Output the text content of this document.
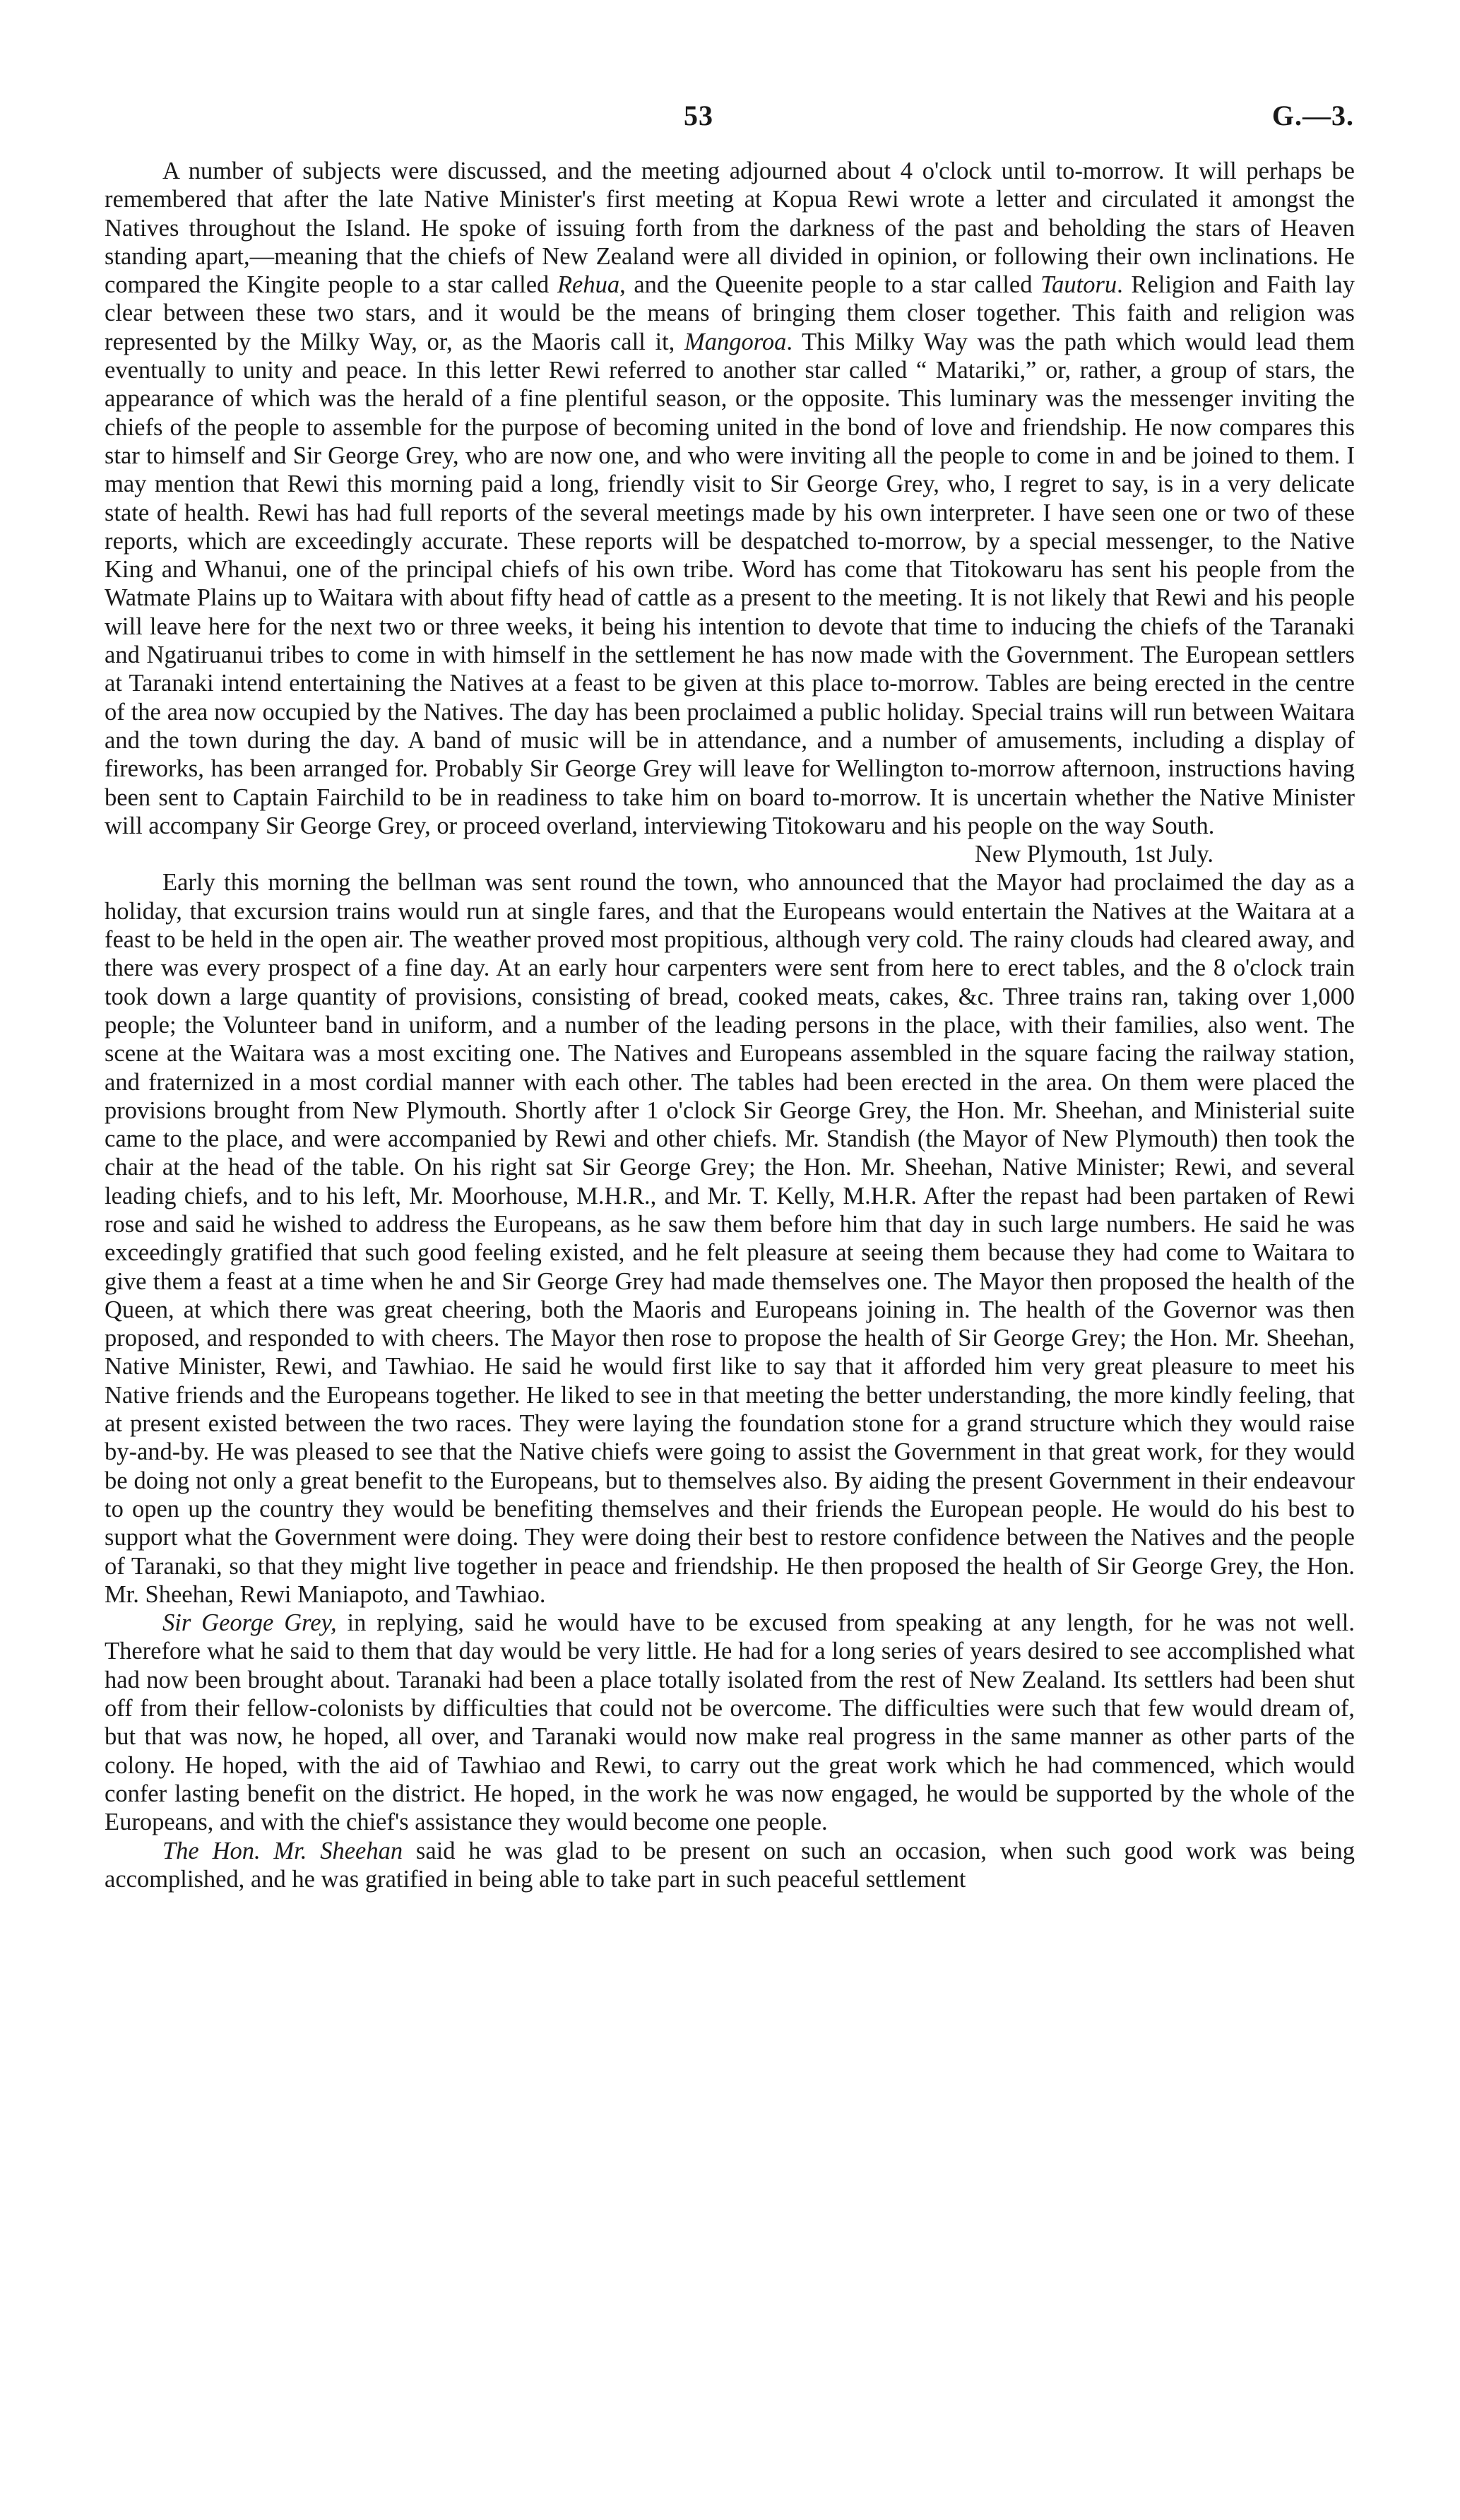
53	G.—3.

A number of subjects were discussed, and the meeting adjourned about 4 o'clock until to-morrow. It will perhaps be remembered that after the late Native Minister's first meeting at Kopua Rewi wrote a letter and circulated it amongst the Natives throughout the Island. He spoke of issuing forth from the darkness of the past and beholding the stars of Heaven standing apart,—meaning that the chiefs of New Zealand were all divided in opinion, or following their own inclinations. He compared the Kingite people to a star called Rehua, and the Queenite people to a star called Tautoru. Religion and Faith lay clear between these two stars, and it would be the means of bringing them closer together. This faith and religion was represented by the Milky Way, or, as the Maoris call it, Mangoroa. This Milky Way was the path which would lead them eventually to unity and peace. In this letter Rewi referred to another star called “ Matariki,” or, rather, a group of stars, the appearance of which was the herald of a fine plentiful season, or the opposite. This luminary was the messenger inviting the chiefs of the people to assemble for the purpose of becoming united in the bond of love and friendship. He now compares this star to himself and Sir George Grey, who are now one, and who were inviting all the people to come in and be joined to them. I may mention that Rewi this morning paid a long, friendly visit to Sir George Grey, who, I regret to say, is in a very delicate state of health. Rewi has had full reports of the several meetings made by his own interpreter. I have seen one or two of these reports, which are exceedingly accurate. These reports will be despatched to-morrow, by a special messenger, to the Native King and Whanui, one of the principal chiefs of his own tribe. Word has come that Titokowaru has sent his people from the Watmate Plains up to Waitara with about fifty head of cattle as a present to the meeting. It is not likely that Rewi and his people will leave here for the next two or three weeks, it being his intention to devote that time to inducing the chiefs of the Taranaki and Ngatiruanui tribes to come in with himself in the settlement he has now made with the Government. The European settlers at Taranaki intend entertaining the Natives at a feast to be given at this place to-morrow. Tables are being erected in the centre of the area now occupied by the Natives. The day has been proclaimed a public holiday. Special trains will run between Waitara and the town during the day. A band of music will be in attendance, and a number of amusements, including a display of fireworks, has been arranged for. Probably Sir George Grey will leave for Wellington to-morrow afternoon, instructions having been sent to Captain Fairchild to be in readiness to take him on board to-morrow. It is uncertain whether the Native Minister will accompany Sir George Grey, or proceed overland, interviewing Titokowaru and his people on the way South.

New Plymouth, 1st July.

Early this morning the bellman was sent round the town, who announced that the Mayor had proclaimed the day as a holiday, that excursion trains would run at single fares, and that the Europeans would entertain the Natives at the Waitara at a feast to be held in the open air. The weather proved most propitious, although very cold. The rainy clouds had cleared away, and there was every prospect of a fine day. At an early hour carpenters were sent from here to erect tables, and the 8 o'clock train took down a large quantity of provisions, consisting of bread, cooked meats, cakes, &c. Three trains ran, taking over 1,000 people; the Volunteer band in uniform, and a number of the leading persons in the place, with their families, also went. The scene at the Waitara was a most exciting one. The Natives and Europeans assembled in the square facing the railway station, and fraternized in a most cordial manner with each other. The tables had been erected in the area. On them were placed the provisions brought from New Plymouth. Shortly after 1 o'clock Sir George Grey, the Hon. Mr. Sheehan, and Ministerial suite came to the place, and were accompanied by Rewi and other chiefs. Mr. Standish (the Mayor of New Plymouth) then took the chair at the head of the table. On his right sat Sir George Grey; the Hon. Mr. Sheehan, Native Minister; Rewi, and several leading chiefs, and to his left, Mr. Moorhouse, M.H.R., and Mr. T. Kelly, M.H.R. After the repast had been partaken of Rewi rose and said he wished to address the Europeans, as he saw them before him that day in such large numbers. He said he was exceedingly gratified that such good feeling existed, and he felt pleasure at seeing them because they had come to Waitara to give them a feast at a time when he and Sir George Grey had made themselves one. The Mayor then proposed the health of the Queen, at which there was great cheering, both the Maoris and Europeans joining in. The health of the Governor was then proposed, and responded to with cheers. The Mayor then rose to propose the health of Sir George Grey; the Hon. Mr. Sheehan, Native Minister, Rewi, and Tawhiao. He said he would first like to say that it afforded him very great pleasure to meet his Native friends and the Europeans together. He liked to see in that meeting the better understanding, the more kindly feeling, that at present existed between the two races. They were laying the foundation stone for a grand structure which they would raise by-and-by. He was pleased to see that the Native chiefs were going to assist the Government in that great work, for they would be doing not only a great benefit to the Europeans, but to themselves also. By aiding the present Government in their endeavour to open up the country they would be benefiting themselves and their friends the European people. He would do his best to support what the Government were doing. They were doing their best to restore confidence between the Natives and the people of Taranaki, so that they might live together in peace and friendship. He then proposed the health of Sir George Grey, the Hon. Mr. Sheehan, Rewi Maniapoto, and Tawhiao.

Sir George Grey, in replying, said he would have to be excused from speaking at any length, for he was not well. Therefore what he said to them that day would be very little. He had for a long series of years desired to see accomplished what had now been brought about. Taranaki had been a place totally isolated from the rest of New Zealand. Its settlers had been shut off from their fellow-colonists by difficulties that could not be overcome. The difficulties were such that few would dream of, but that was now, he hoped, all over, and Taranaki would now make real progress in the same manner as other parts of the colony. He hoped, with the aid of Tawhiao and Rewi, to carry out the great work which he had commenced, which would confer lasting benefit on the district. He hoped, in the work he was now engaged, he would be supported by the whole of the Europeans, and with the chief's assistance they would become one people.

The Hon. Mr. Sheehan said he was glad to be present on such an occasion, when such good work was being accomplished, and he was gratified in being able to take part in such peaceful settlement
